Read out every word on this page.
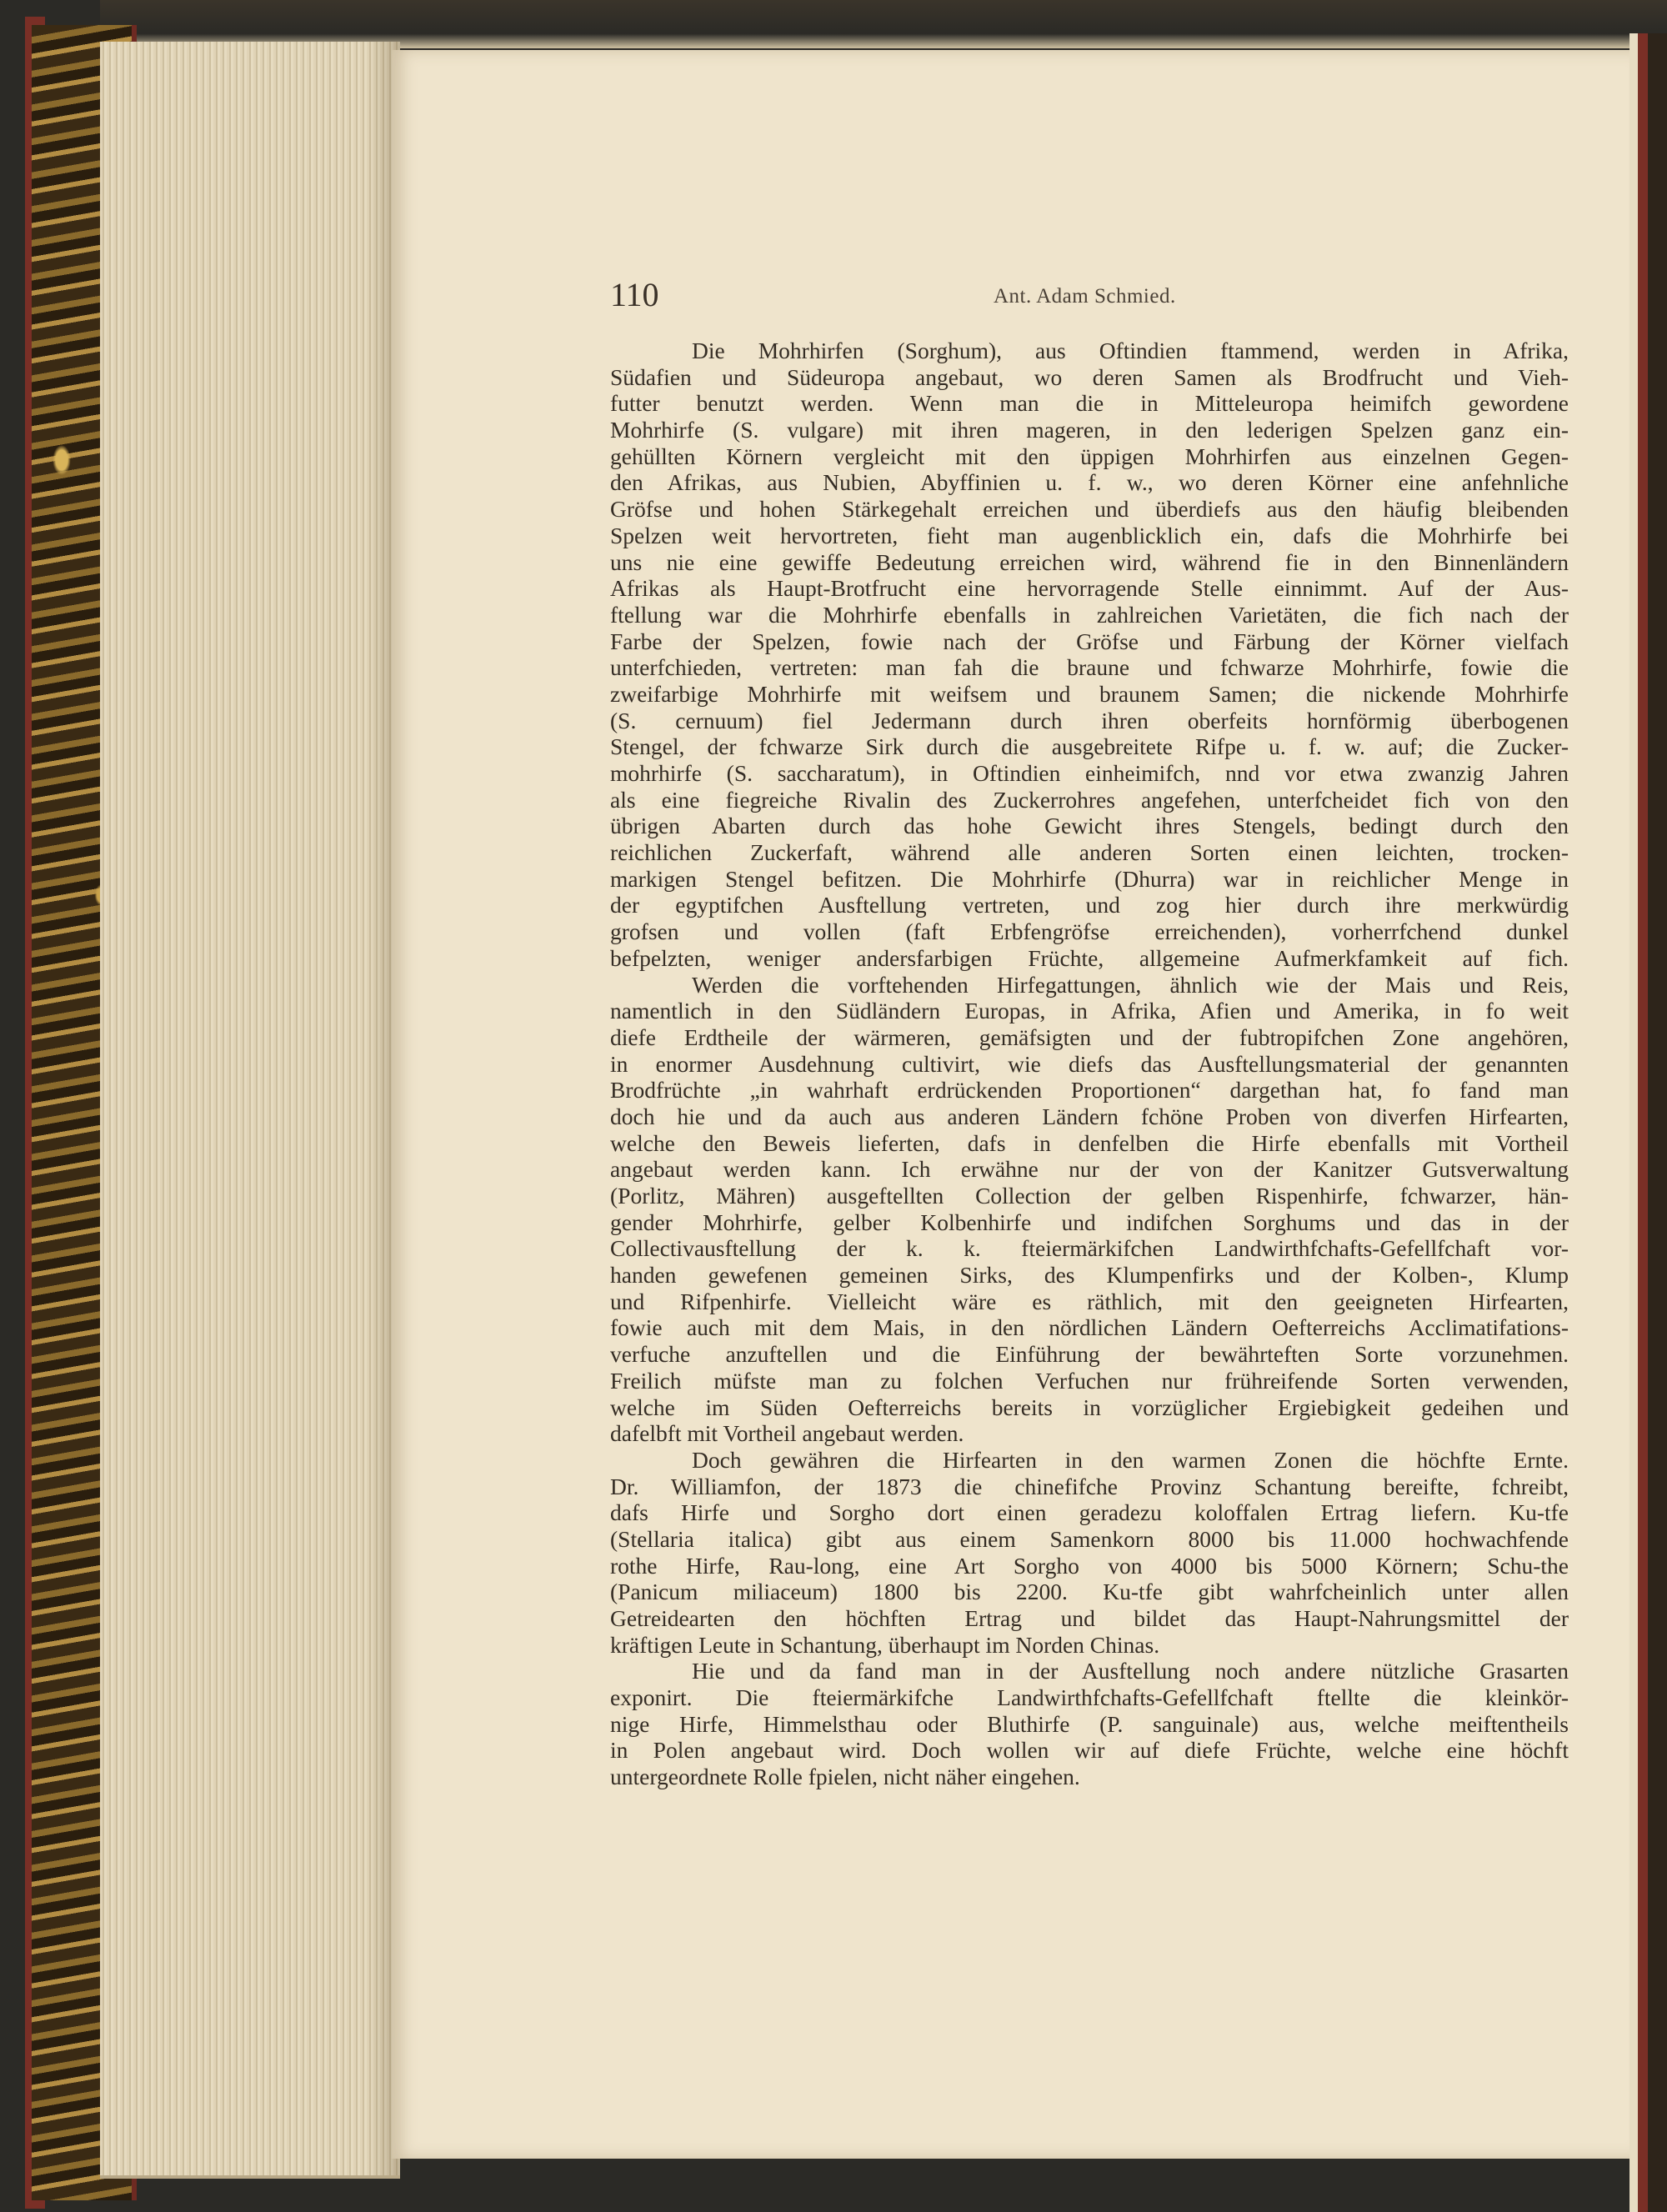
110	Ant. Adam Schmied.
Die Mohrhirfen (Sorghum), aus Oftindien ftammend, werden in Afrika,
Südafien und Südeuropa angebaut, wo deren Samen als Brodfrucht und Vieh-
futter benutzt werden. Wenn man die in Mitteleuropa heimifch gewordene
Mohrhirfe (S. vulgare) mit ihren mageren, in den lederigen Spelzen ganz ein-
gehüllten Körnern vergleicht mit den üppigen Mohrhirfen aus einzelnen Gegen-
den Afrikas, aus Nubien, Abyffinien u. f. w., wo deren Körner eine anfehnliche
Gröfse und hohen Stärkegehalt erreichen und überdiefs aus den häufig bleibenden
Spelzen weit hervortreten, fieht man augenblicklich ein, dafs die Mohrhirfe bei
uns nie eine gewiffe Bedeutung erreichen wird, während fie in den Binnenländern
Afrikas als Haupt-Brotfrucht eine hervorragende Stelle einnimmt. Auf der Aus-
ftellung war die Mohrhirfe ebenfalls in zahlreichen Varietäten, die fich nach der
Farbe der Spelzen, fowie nach der Gröfse und Färbung der Körner vielfach
unterfchieden, vertreten: man fah die braune und fchwarze Mohrhirfe, fowie die
zweifarbige Mohrhirfe mit weifsem und braunem Samen; die nickende Mohrhirfe
(S. cernuum) fiel Jedermann durch ihren oberfeits hornförmig überbogenen
Stengel, der fchwarze Sirk durch die ausgebreitete Rifpe u. f. w. auf; die Zucker-
mohrhirfe (S. saccharatum), in Oftindien einheimifch, nnd vor etwa zwanzig Jahren
als eine fiegreiche Rivalin des Zuckerrohres angefehen, unterfcheidet fich von den
übrigen Abarten durch das hohe Gewicht ihres Stengels, bedingt durch den
reichlichen Zuckerfaft, während alle anderen Sorten einen leichten, trocken-
markigen Stengel befitzen. Die Mohrhirfe (Dhurra) war in reichlicher Menge in
der egyptifchen Ausftellung vertreten, und zog hier durch ihre merkwürdig
grofsen und vollen (faft Erbfengröfse erreichenden), vorherrfchend dunkel
befpelzten, weniger andersfarbigen Früchte, allgemeine Aufmerkfamkeit auf fich.
Werden die vorftehenden Hirfegattungen, ähnlich wie der Mais und Reis,
namentlich in den Südländern Europas, in Afrika, Afien und Amerika, in fo weit
diefe Erdtheile der wärmeren, gemäfsigten und der fubtropifchen Zone angehören,
in enormer Ausdehnung cultivirt, wie diefs das Ausftellungsmaterial der genannten
Brodfrüchte „in wahrhaft erdrückenden Proportionen“ dargethan hat, fo fand man
doch hie und da auch aus anderen Ländern fchöne Proben von diverfen Hirfearten,
welche den Beweis lieferten, dafs in denfelben die Hirfe ebenfalls mit Vortheil
angebaut werden kann. Ich erwähne nur der von der Kanitzer Gutsverwaltung
(Porlitz, Mähren) ausgeftellten Collection der gelben Rispenhirfe, fchwarzer, hän-
gender Mohrhirfe, gelber Kolbenhirfe und indifchen Sorghums und das in der
Collectivausftellung der k. k. fteiermärkifchen Landwirthfchafts-Gefellfchaft vor-
handen gewefenen gemeinen Sirks, des Klumpenfirks und der Kolben-, Klump
und Rifpenhirfe. Vielleicht wäre es räthlich, mit den geeigneten Hirfearten,
fowie auch mit dem Mais, in den nördlichen Ländern Oefterreichs Acclimatifations-
verfuche anzuftellen und die Einführung der bewährteften Sorte vorzunehmen.
Freilich müfste man zu folchen Verfuchen nur frühreifende Sorten verwenden,
welche im Süden Oefterreichs bereits in vorzüglicher Ergiebigkeit gedeihen und
dafelbft mit Vortheil angebaut werden.
Doch gewähren die Hirfearten in den warmen Zonen die höchfte Ernte.
Dr. Williamfon, der 1873 die chinefifche Provinz Schantung bereifte, fchreibt,
dafs Hirfe und Sorgho dort einen geradezu koloffalen Ertrag liefern. Ku-tfe
(Stellaria italica) gibt aus einem Samenkorn 8000 bis 11.000 hochwachfende
rothe Hirfe, Rau-long, eine Art Sorgho von 4000 bis 5000 Körnern; Schu-the
(Panicum miliaceum) 1800 bis 2200. Ku-tfe gibt wahrfcheinlich unter allen
Getreidearten den höchften Ertrag und bildet das Haupt-Nahrungsmittel der
kräftigen Leute in Schantung, überhaupt im Norden Chinas.
Hie und da fand man in der Ausftellung noch andere nützliche Grasarten
exponirt. Die fteiermärkifche Landwirthfchafts-Gefellfchaft ftellte die kleinkör-
nige Hirfe, Himmelsthau oder Bluthirfe (P. sanguinale) aus, welche meiftentheils
in Polen angebaut wird. Doch wollen wir auf diefe Früchte, welche eine höchft
untergeordnete Rolle fpielen, nicht näher eingehen.
